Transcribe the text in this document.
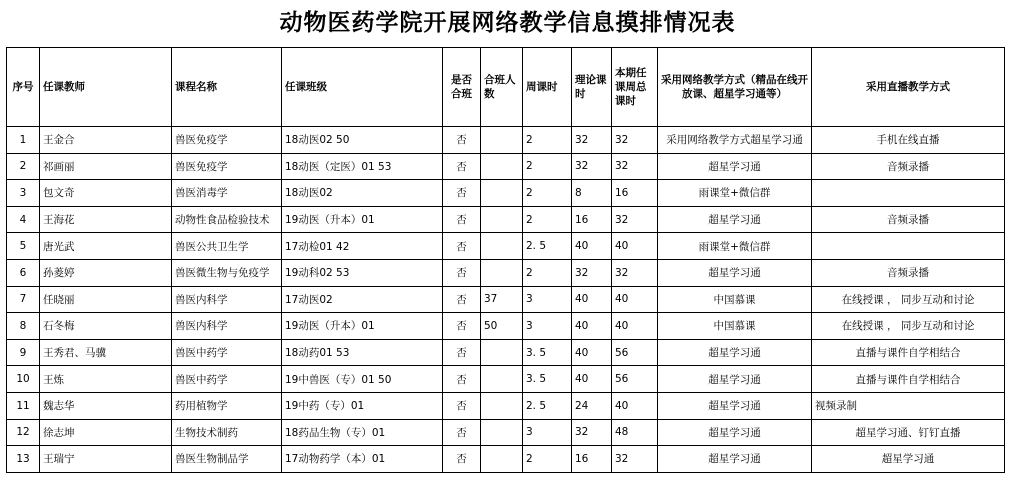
动物医药学院开展网络教学信息摸排情况表
序号	任课教师	课程名称	任课班级	是否合班	合班人数	周课时	理论课时	本期任课周总课时	采用网络教学方式（精品在线开放课、超星学习通等）	采用直播教学方式
1	王金合	兽医免疫学	18动医02 50	否		2	32	32	采用网络教学方式超星学习通	手机在线直播
2	祁画丽	兽医免疫学	18动医（定医）01 53	否		2	32	32	超星学习通	音频录播
3	包文奇	兽医消毒学	18动医02	否		2	8	16	雨课堂+微信群	
4	王海花	动物性食品检验技术	19动医（升本）01	否		2	16	32	超星学习通	音频录播
5	唐光武	兽医公共卫生学	17动检01 42	否		2. 5	40	40	雨课堂+微信群	
6	孙菱婷	兽医微生物与免疫学	19动科02 53	否		2	32	32	超星学习通	音频录播
7	任晓丽	兽医内科学	17动医02	否	37	3	40	40	中国慕课	在线授课 ， 同步互动和讨论
8	石冬梅	兽医内科学	19动医（升本）01	否	50	3	40	40	中国慕课	在线授课 ， 同步互动和讨论
9	王秀君、马骥	兽医中药学	18动药01 53	否		3. 5	40	56	超星学习通	直播与课件自学相结合
10	王炼	兽医中药学	19中兽医（专）01 50	否		3. 5	40	56	超星学习通	直播与课件自学相结合
11	魏志华	药用植物学	19中药（专）01	否		2. 5	24	40	超星学习通	视频录制
12	徐志坤	生物技术制药	18药品生物（专）01	否		3	32	48	超星学习通	超星学习通、钉钉直播
13	王瑞宁	兽医生物制品学	17动物药学（本）01	否		2	16	32	超星学习通	超星学习通
